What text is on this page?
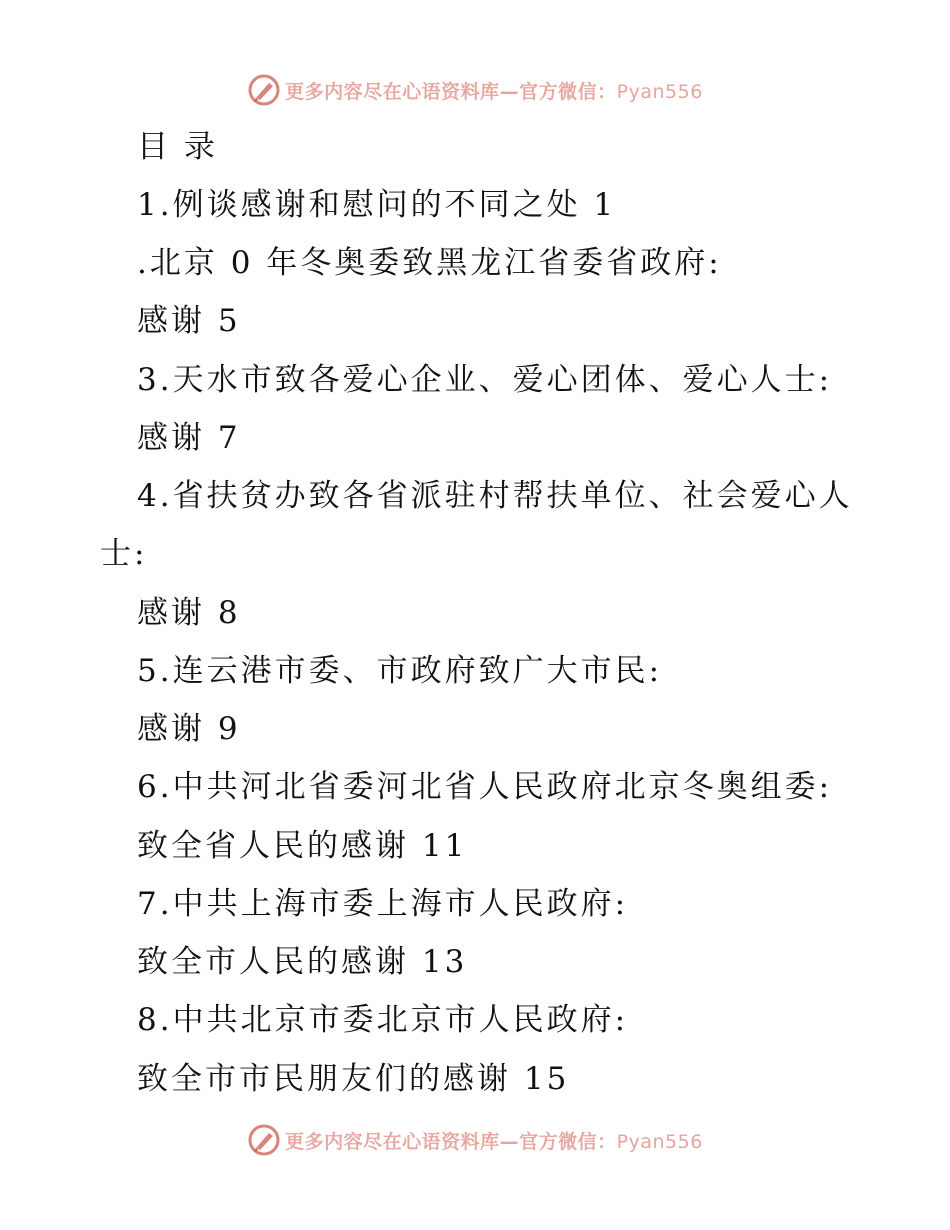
更多内容尽在心语资料库—官方微信：Pyan556
目 录
1.例谈感谢和慰问的不同之处 1
.北京 0 年冬奥委致黑龙江省委省政府:
感谢 5
3.天水市致各爱心企业、爱心团体、爱心人士:
感谢 7
4.省扶贫办致各省派驻村帮扶单位、社会爱心人
士:
感谢 8
5.连云港市委、市政府致广大市民:
感谢 9
6.中共河北省委河北省人民政府北京冬奥组委:
致全省人民的感谢 11
7.中共上海市委上海市人民政府:
致全市人民的感谢 13
8.中共北京市委北京市人民政府:
致全市市民朋友们的感谢 15
更多内容尽在心语资料库—官方微信：Pyan556
